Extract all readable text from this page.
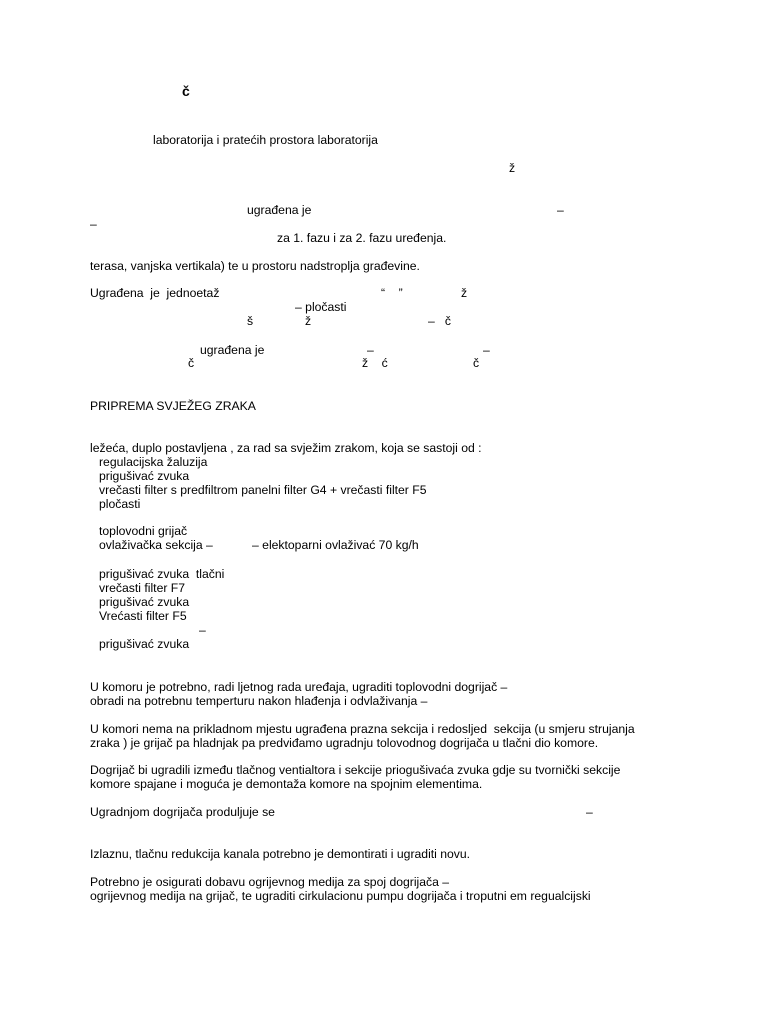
č
laboratorija i pratećih prostora laboratorija
ž
ugrađena je	–
–
za 1. fazu i za 2. fazu uređenja.
terasa, vanjska vertikala) te u prostoru nadstroplja građevine.
Ugrađena  je  jednoetaž	“    ”	ž
– pločasti
š	ž	–   č
ugrađena je	–	–
č	ž    ć	č
PRIPREMA SVJEŽEG ZRAKA
ležeća, duplo postavljena , za rad sa svježim zrakom, koja se sastoji od :
regulacijska žaluzija
prigušivać zvuka
vrečasti filter s predfiltrom panelni filter G4 + vrečasti filter F5
pločasti
toplovodni grijač
ovlaživačka sekcija –	– elektoparni ovlaživać 70 kg/h
prigušivać zvuka  tlačni
vrečasti filter F7
prigušivać zvuka
Vrećasti filter F5
–
prigušivać zvuka
U komoru je potrebno, radi ljetnog rada uređaja, ugraditi toplovodni dogrijač –
obradi na potrebnu temperturu nakon hlađenja i odvlaživanja –
U komori nema na prikladnom mjestu ugrađena prazna sekcija i redosljed  sekcija (u smjeru strujanja
zraka ) je grijač pa hladnjak pa predviđamo ugradnju tolovodnog dogrijača u tlačni dio komore.
Dogrijač bi ugradili između tlačnog ventialtora i sekcije priogušivaća zvuka gdje su tvornički sekcije
komore spajane i moguća je demontaža komore na spojnim elementima.
Ugradnjom dogrijača produljuje se	–
Izlaznu, tlačnu redukcija kanala potrebno je demontirati i ugraditi novu.
Potrebno je osigurati dobavu ogrijevnog medija za spoj dogrijača –
ogrijevnog medija na grijač, te ugraditi cirkulacionu pumpu dogrijača i troputni em regualcijski
